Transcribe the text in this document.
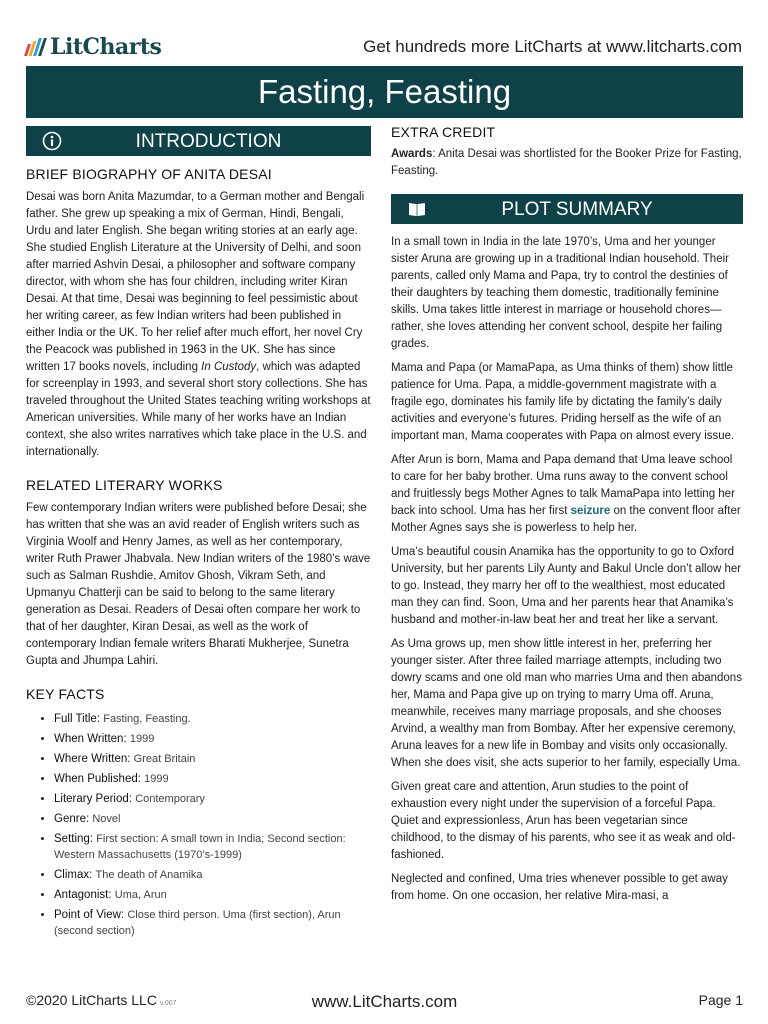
LitCharts	Get hundreds more LitCharts at www.litcharts.com
Fasting, Feasting
INTRODUCTION
BRIEF BIOGRAPHY OF ANITA DESAI

Desai was born Anita Mazumdar, to a German mother and Bengali father. She grew up speaking a mix of German, Hindi, Bengali, Urdu and later English. She began writing stories at an early age. She studied English Literature at the University of Delhi, and soon after married Ashvin Desai, a philosopher and software company director, with whom she has four children, including writer Kiran Desai. At that time, Desai was beginning to feel pessimistic about her writing career, as few Indian writers had been published in either India or the UK. To her relief after much effort, her novel Cry the Peacock was published in 1963 in the UK. She has since written 17 books novels, including In Custody, which was adapted for screenplay in 1993, and several short story collections. She has traveled throughout the United States teaching writing workshops at American universities. While many of her works have an Indian context, she also writes narratives which take place in the U.S. and internationally.

RELATED LITERARY WORKS

Few contemporary Indian writers were published before Desai; she has written that she was an avid reader of English writers such as Virginia Woolf and Henry James, as well as her contemporary, writer Ruth Prawer Jhabvala. New Indian writers of the 1980’s wave such as Salman Rushdie, Amitov Ghosh, Vikram Seth, and Upmanyu Chatterji can be said to belong to the same literary generation as Desai. Readers of Desai often compare her work to that of her daughter, Kiran Desai, as well as the work of contemporary Indian female writers Bharati Mukherjee, Sunetra Gupta and Jhumpa Lahiri.

KEY FACTS
• Full Title: Fasting, Feasting.
• When Written: 1999
• Where Written: Great Britain
• When Published: 1999
• Literary Period: Contemporary
• Genre: Novel
• Setting: First section: A small town in India; Second section: Western Massachusetts (1970’s-1999)
• Climax: The death of Anamika
• Antagonist: Uma, Arun
• Point of View: Close third person. Uma (first section), Arun (second section)
EXTRA CREDIT

Awards: Anita Desai was shortlisted for the Booker Prize for Fasting, Feasting.

PLOT SUMMARY

In a small town in India in the late 1970’s, Uma and her younger sister Aruna are growing up in a traditional Indian household. Their parents, called only Mama and Papa, try to control the destinies of their daughters by teaching them domestic, traditionally feminine skills. Uma takes little interest in marriage or household chores—rather, she loves attending her convent school, despite her failing grades.

Mama and Papa (or MamaPapa, as Uma thinks of them) show little patience for Uma. Papa, a middle-government magistrate with a fragile ego, dominates his family life by dictating the family’s daily activities and everyone’s futures. Priding herself as the wife of an important man, Mama cooperates with Papa on almost every issue.

After Arun is born, Mama and Papa demand that Uma leave school to care for her baby brother. Uma runs away to the convent school and fruitlessly begs Mother Agnes to talk MamaPapa into letting her back into school. Uma has her first seizure on the convent floor after Mother Agnes says she is powerless to help her.

Uma’s beautiful cousin Anamika has the opportunity to go to Oxford University, but her parents Lily Aunty and Bakul Uncle don’t allow her to go. Instead, they marry her off to the wealthiest, most educated man they can find. Soon, Uma and her parents hear that Anamika’s husband and mother-in-law beat her and treat her like a servant.

As Uma grows up, men show little interest in her, preferring her younger sister. After three failed marriage attempts, including two dowry scams and one old man who marries Uma and then abandons her, Mama and Papa give up on trying to marry Uma off. Aruna, meanwhile, receives many marriage proposals, and she chooses Arvind, a wealthy man from Bombay. After her expensive ceremony, Aruna leaves for a new life in Bombay and visits only occasionally. When she does visit, she acts superior to her family, especially Uma.

Given great care and attention, Arun studies to the point of exhaustion every night under the supervision of a forceful Papa. Quiet and expressionless, Arun has been vegetarian since childhood, to the dismay of his parents, who see it as weak and old-fashioned.

Neglected and confined, Uma tries whenever possible to get away from home. On one occasion, her relative Mira-masi, a

©2020 LitCharts LLC v.007	www.LitCharts.com	Page 1
